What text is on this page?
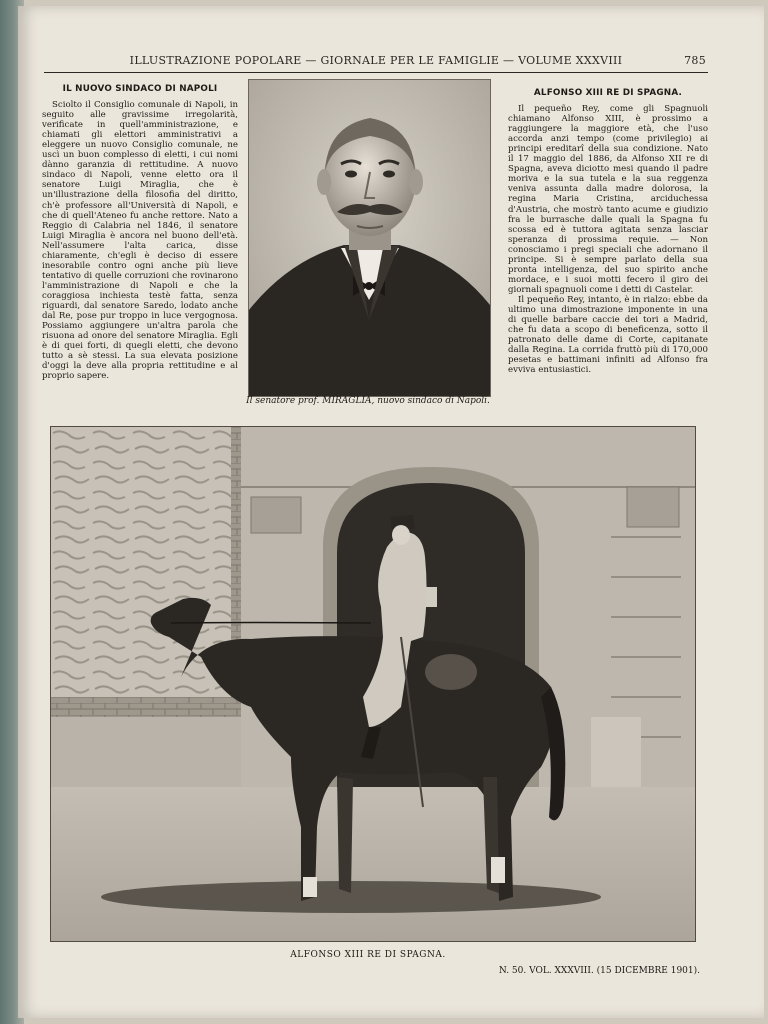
ILLUSTRAZIONE POPOLARE — GIORNALE PER LE FAMIGLIE — VOLUME XXXVIII	785
IL NUOVO SINDACO DI NAPOLI

Sciolto il Consiglio comunale di Napoli, in seguito alle gravissime irregolarità, verificate in quell'amministrazione, e chiamati gli elettori amministrativi a eleggere un nuovo Consiglio comunale, ne uscì un buon complesso di eletti, i cui nomi dànno garanzia di rettitudine. A nuovo sindaco di Napoli, venne eletto ora il senatore Luigi Miraglia, che è un'illustrazione della filosofia del diritto, ch'è professore all'Università di Napoli, e che di quell'Ateneo fu anche rettore. Nato a Reggio di Calabria nel 1846, il senatore Luigi Miraglia è ancora nel buono dell'età. Nell'assumere l'alta carica, disse chiaramente, ch'egli è deciso di essere inesorabile contro ogni anche più lieve tentativo di quelle corruzioni che rovinarono l'amministrazione di Napoli e che la coraggiosa inchiesta testè fatta, senza riguardi, dal senatore Saredo, lodato anche dal Re, pose pur troppo in luce vergognosa. Possiamo aggiungere un'altra parola che risuona ad onore del senatore Miraglia. Egli è di quei forti, di quegli eletti, che devono tutto a sè stessi. La sua elevata posizione d'oggi la deve alla propria rettitudine e al proprio sapere.

Il senatore prof. MIRAGLIA, nuovo sindaco di Napoli.
ALFONSO XIII RE DI SPAGNA.

Il pequeño Rey, come gli Spagnuoli chiamano Alfonso XIII, è prossimo a raggiungere la maggiore età, che l'uso accorda anzi tempo (come privilegio) ai principi ereditarî della sua condizione. Nato il 17 maggio del 1886, da Alfonso XII re di Spagna, aveva diciotto mesi quando il padre moriva e la sua tutela e la sua reggenza veniva assunta dalla madre dolorosa, la regina Maria Cristina, arciduchessa d'Austria, che mostrò tanto acume e giudizio fra le burrasche dalle quali la Spagna fu scossa ed è tuttora agitata senza lasciar speranza di prossima requie. — Non conosciamo i pregi speciali che adornano il principe. Si è sempre parlato della sua pronta intelligenza, del suo spirito anche mordace, e i suoi motti fecero il giro dei giornali spagnuoli come i detti di Castelar.

Il pequeño Rey, intanto, è in rialzo: ebbe da ultimo una dimostrazione imponente in una di quelle barbare caccie dei tori a Madrid, che fu data a scopo di beneficenza, sotto il patronato delle dame di Corte, capitanate dalla Regina. La corrida fruttò più di 170,000 pesetas e battimani infiniti ad Alfonso fra evviva entusiastici.

ALFONSO XIII RE DI SPAGNA.
N. 50. VOL. XXXVIII. (15 DICEMBRE 1901).
